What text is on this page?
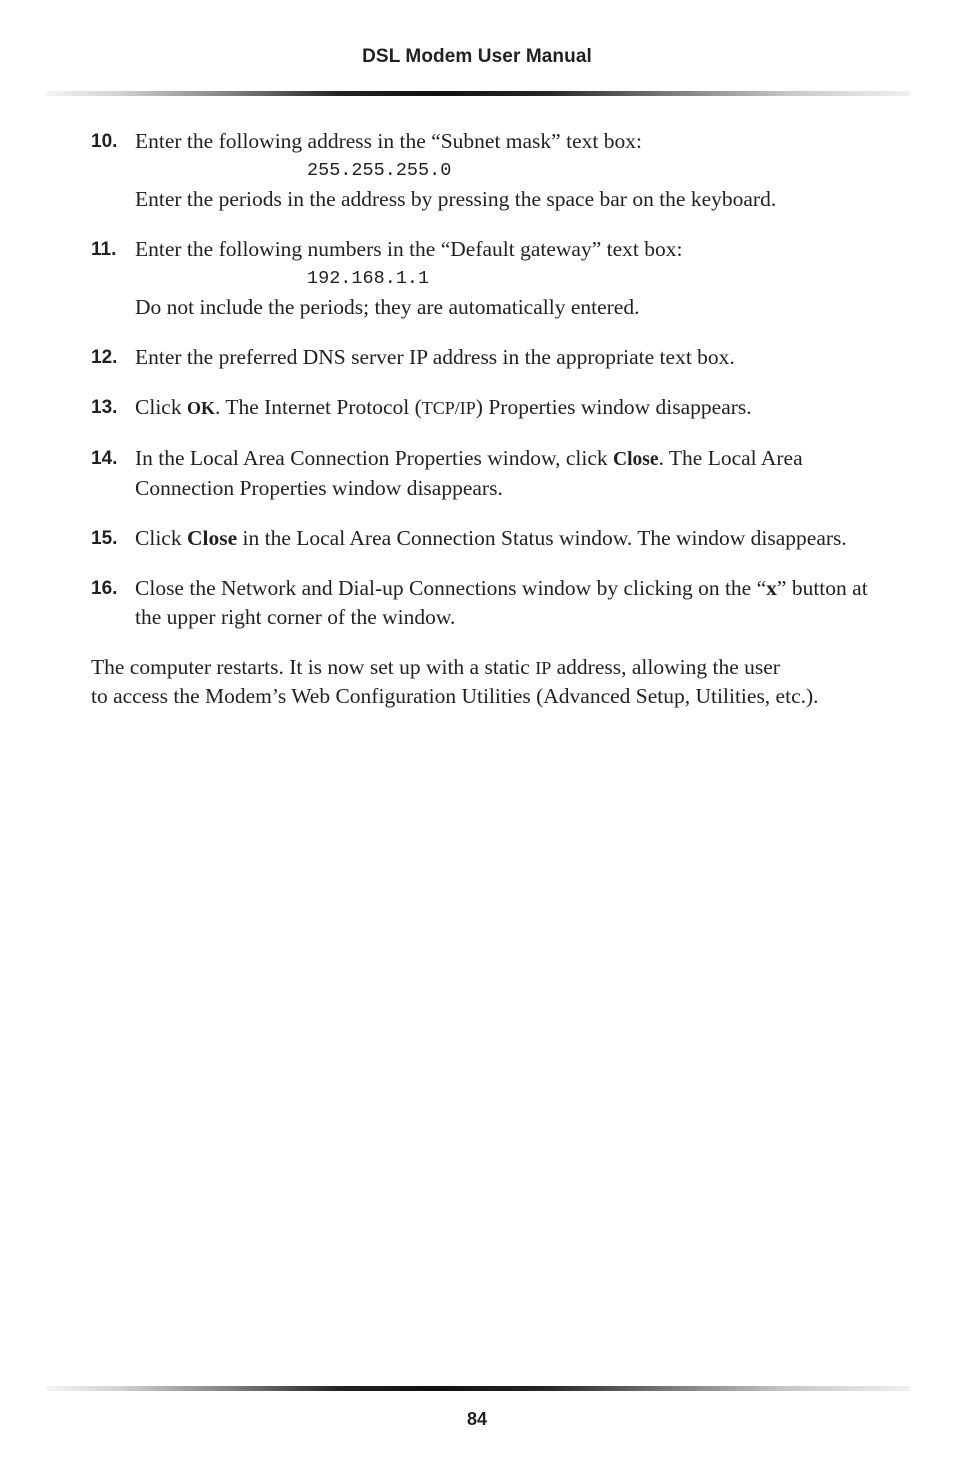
DSL Modem User Manual
10. Enter the following address in the “Subnet mask” text box:
255.255.255.0
Enter the periods in the address by pressing the space bar on the keyboard.
11. Enter the following numbers in the “Default gateway” text box:
192.168.1.1
Do not include the periods; they are automatically entered.
12. Enter the preferred DNS server IP address in the appropriate text box.
13. Click OK. The Internet Protocol (TCP/IP) Properties window disappears.
14. In the Local Area Connection Properties window, click Close. The Local Area Connection Properties window disappears.
15. Click Close in the Local Area Connection Status window. The window disappears.
16. Close the Network and Dial-up Connections window by clicking on the “x” button at the upper right corner of the window.
The computer restarts. It is now set up with a static IP address, allowing the user
to access the Modem’s Web Configuration Utilities (Advanced Setup, Utilities, etc.).
84
